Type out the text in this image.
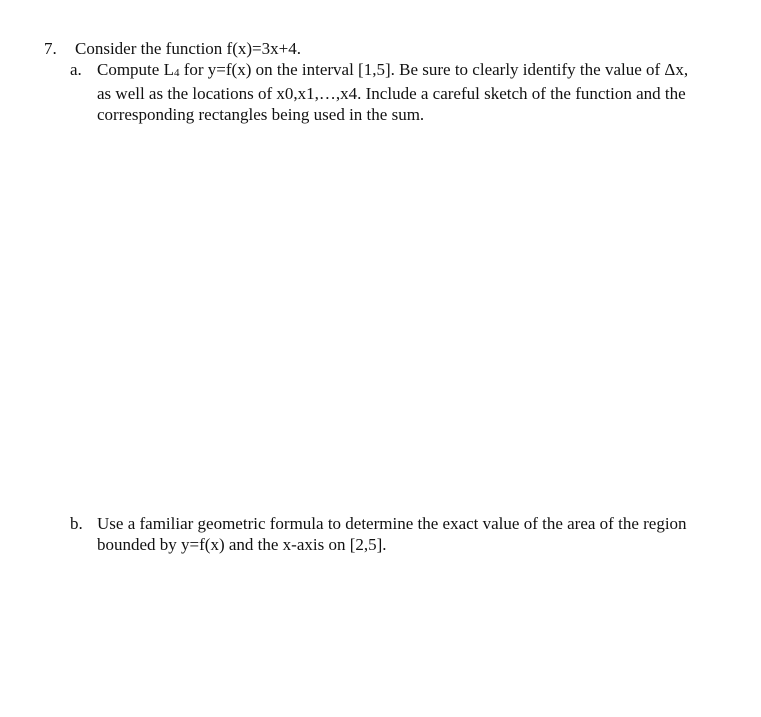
7.	Consider the function f(x)=3x+4.
a. Compute $L_4$ for y=f(x) on the interval [1,5]. Be sure to clearly identify the value of Δx, as well as the locations of x0,x1,…,x4. Include a careful sketch of the function and the corresponding rectangles being used in the sum.
b. Use a familiar geometric formula to determine the exact value of the area of the region bounded by y=f(x) and the x-axis on [2,5].
